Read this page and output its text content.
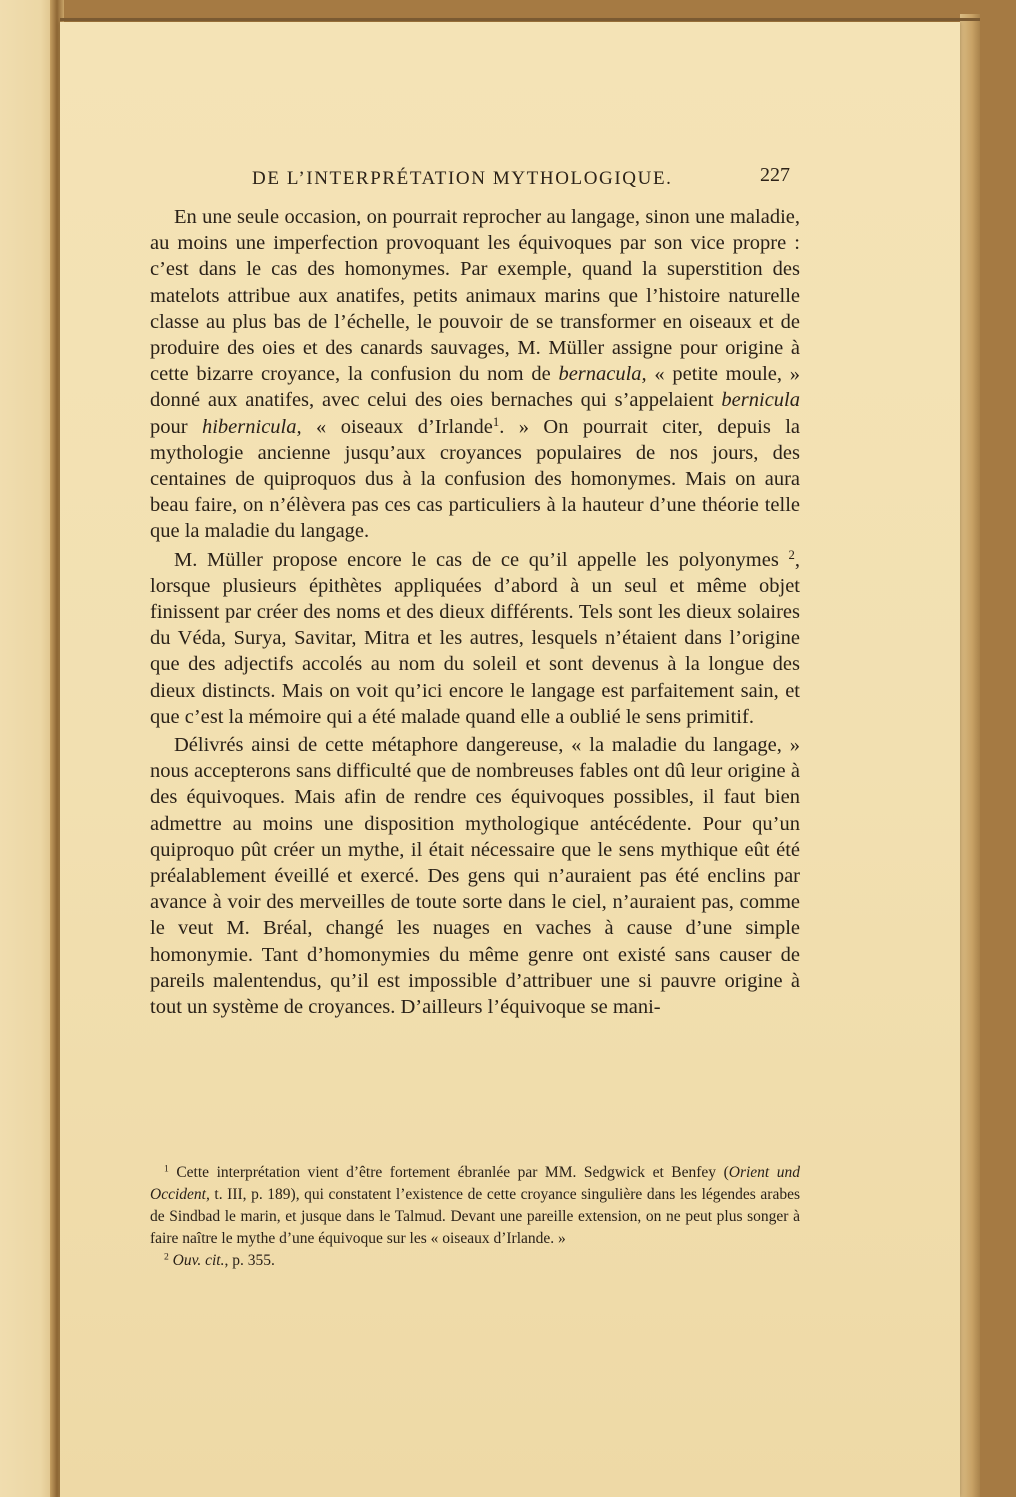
DE L’INTERPRÉTATION MYTHOLOGIQUE.	227

En une seule occasion, on pourrait reprocher au langage, sinon une maladie, au moins une imperfection provoquant les équivoques par son vice propre : c’est dans le cas des homonymes. Par exemple, quand la superstition des matelots attribue aux anatifes, petits animaux marins que l’histoire naturelle classe au plus bas de l’échelle, le pouvoir de se transformer en oiseaux et de produire des oies et des canards sauvages, M. Müller assigne pour origine à cette bizarre croyance, la confusion du nom de bernacula, « petite moule, » donné aux anatifes, avec celui des oies bernaches qui s’appelaient bernicula pour hibernicula, « oiseaux d’Irlande$^1$. » On pourrait citer, depuis la mythologie ancienne jusqu’aux croyances populaires de nos jours, des centaines de quiproquos dus à la confusion des homonymes. Mais on aura beau faire, on n’élèvera pas ces cas particuliers à la hauteur d’une théorie telle que la maladie du langage.

M. Müller propose encore le cas de ce qu’il appelle les polyonymes $^2$, lorsque plusieurs épithètes appliquées d’abord à un seul et même objet finissent par créer des noms et des dieux différents. Tels sont les dieux solaires du Véda, Surya, Savitar, Mitra et les autres, lesquels n’étaient dans l’origine que des adjectifs accolés au nom du soleil et sont devenus à la longue des dieux distincts. Mais on voit qu’ici encore le langage est parfaitement sain, et que c’est la mémoire qui a été malade quand elle a oublié le sens primitif.

Délivrés ainsi de cette métaphore dangereuse, « la maladie du langage, » nous accepterons sans difficulté que de nombreuses fables ont dû leur origine à des équivoques. Mais afin de rendre ces équivoques possibles, il faut bien admettre au moins une disposition mythologique antécédente. Pour qu’un quiproquo pût créer un mythe, il était nécessaire que le sens mythique eût été préalablement éveillé et exercé. Des gens qui n’auraient pas été enclins par avance à voir des merveilles de toute sorte dans le ciel, n’auraient pas, comme le veut M. Bréal, changé les nuages en vaches à cause d’une simple homonymie. Tant d’homonymies du même genre ont existé sans causer de pareils malentendus, qu’il est impossible d’attribuer une si pauvre origine à tout un système de croyances. D’ailleurs l’équivoque se mani-

$^1$ Cette interprétation vient d’être fortement ébranlée par MM. Sedgwick et Benfey (Orient und Occident, t. III, p. 189), qui constatent l’existence de cette croyance singulière dans les légendes arabes de Sindbad le marin, et jusque dans le Talmud. Devant une pareille extension, on ne peut plus songer à faire naître le mythe d’une équivoque sur les « oiseaux d’Irlande. »

$^2$ Ouv. cit., p. 355.
